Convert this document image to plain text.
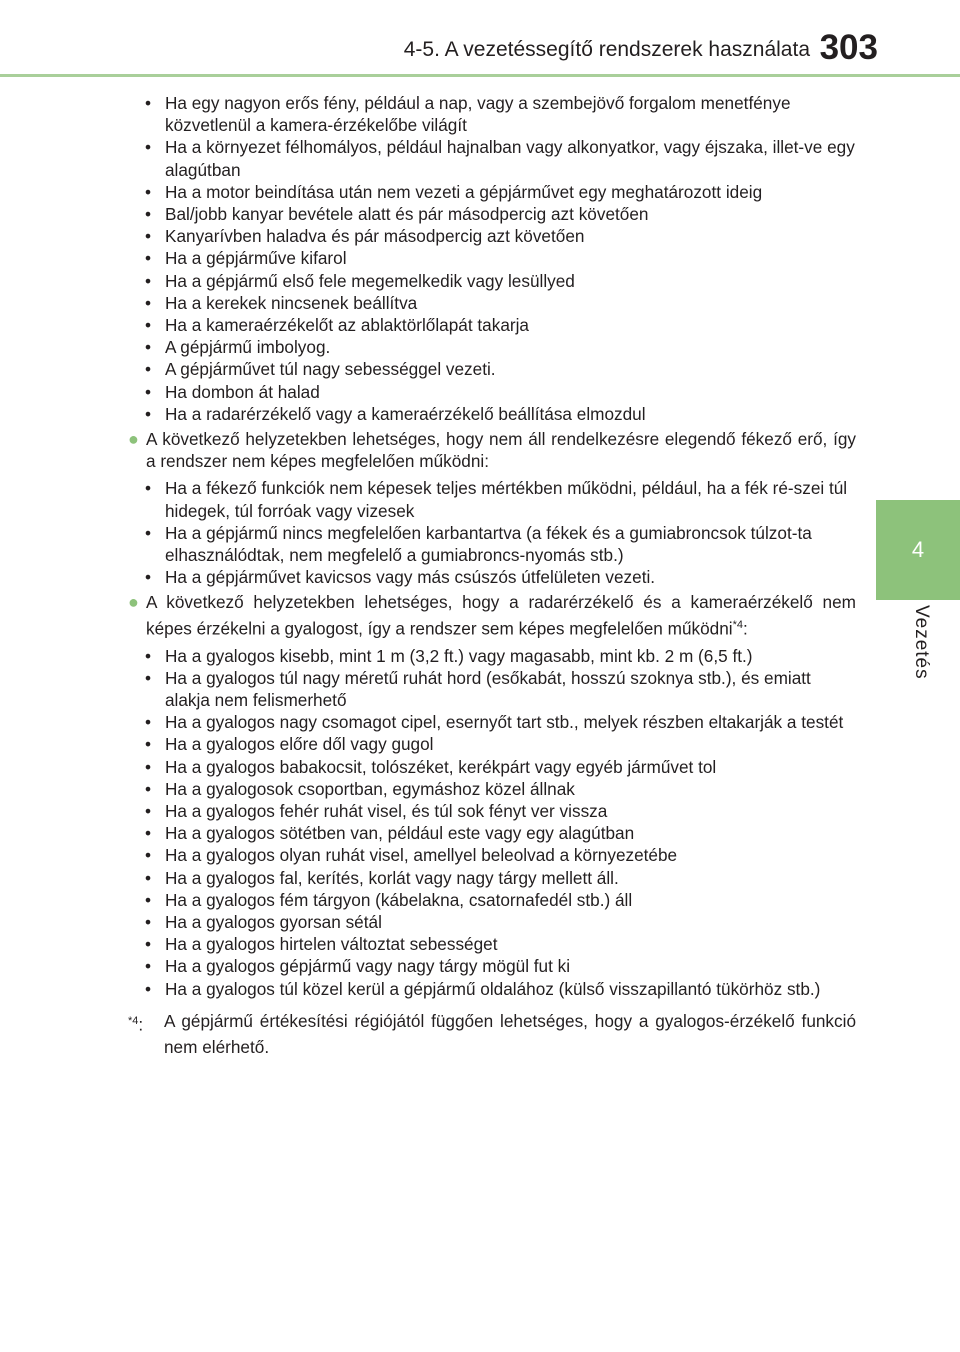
4-5. A vezetéssegítő rendszerek használata 303
4
Vezetés
• Ha egy nagyon erős fény, például a nap, vagy a szembejövő forgalom menetfénye közvetlenül a kamera-érzékelőbe világít
• Ha a környezet félhomályos, például hajnalban vagy alkonyatkor, vagy éjszaka, illet-ve egy alagútban
• Ha a motor beindítása után nem vezeti a gépjárművet egy meghatározott ideig
• Bal/jobb kanyar bevétele alatt és pár másodpercig azt követően
• Kanyarívben haladva és pár másodpercig azt követően
• Ha a gépjárműve kifarol
• Ha a gépjármű első fele megemelkedik vagy lesüllyed
• Ha a kerekek nincsenek beállítva
• Ha a kameraérzékelőt az ablaktörlőlapát takarja
• A gépjármű imbolyog.
• A gépjárművet túl nagy sebességgel vezeti.
• Ha dombon át halad
• Ha a radarérzékelő vagy a kameraérzékelő beállítása elmozdul
● A következő helyzetekben lehetséges, hogy nem áll rendelkezésre elegendő fékező erő, így a rendszer nem képes megfelelően működni:
• Ha a fékező funkciók nem képesek teljes mértékben működni, például, ha a fék ré-szei túl hidegek, túl forróak vagy vizesek
• Ha a gépjármű nincs megfelelően karbantartva (a fékek és a gumiabroncsok túlzot-ta elhasználódtak, nem megfelelő a gumiabroncs-nyomás stb.)
• Ha a gépjárművet kavicsos vagy más csúszós útfelületen vezeti.
● A következő helyzetekben lehetséges, hogy a radarérzékelő és a kameraérzékelő nem képes érzékelni a gyalogost, így a rendszer sem képes megfelelően működni$^{*4}$:
• Ha a gyalogos kisebb, mint 1 m (3,2 ft.) vagy magasabb, mint kb. 2 m (6,5 ft.)
• Ha a gyalogos túl nagy méretű ruhát hord (esőkabát, hosszú szoknya stb.), és emiatt alakja nem felismerhető
• Ha a gyalogos nagy csomagot cipel, esernyőt tart stb., melyek részben eltakarják a testét
• Ha a gyalogos előre dől vagy gugol
• Ha a gyalogos babakocsit, tolószéket, kerékpárt vagy egyéb járművet tol
• Ha a gyalogosok csoportban, egymáshoz közel állnak
• Ha a gyalogos fehér ruhát visel, és túl sok fényt ver vissza
• Ha a gyalogos sötétben van, például este vagy egy alagútban
• Ha a gyalogos olyan ruhát visel, amellyel beleolvad a környezetébe
• Ha a gyalogos fal, kerítés, korlát vagy nagy tárgy mellett áll.
• Ha a gyalogos fém tárgyon (kábelakna, csatornafedél stb.) áll
• Ha a gyalogos gyorsan sétál
• Ha a gyalogos hirtelen változtat sebességet
• Ha a gyalogos gépjármű vagy nagy tárgy mögül fut ki
• Ha a gyalogos túl közel kerül a gépjármű oldalához (külső visszapillantó tükörhöz stb.)
$^{*4}$: A gépjármű értékesítési régiójától függően lehetséges, hogy a gyalogos-érzékelő funkció nem elérhető.
